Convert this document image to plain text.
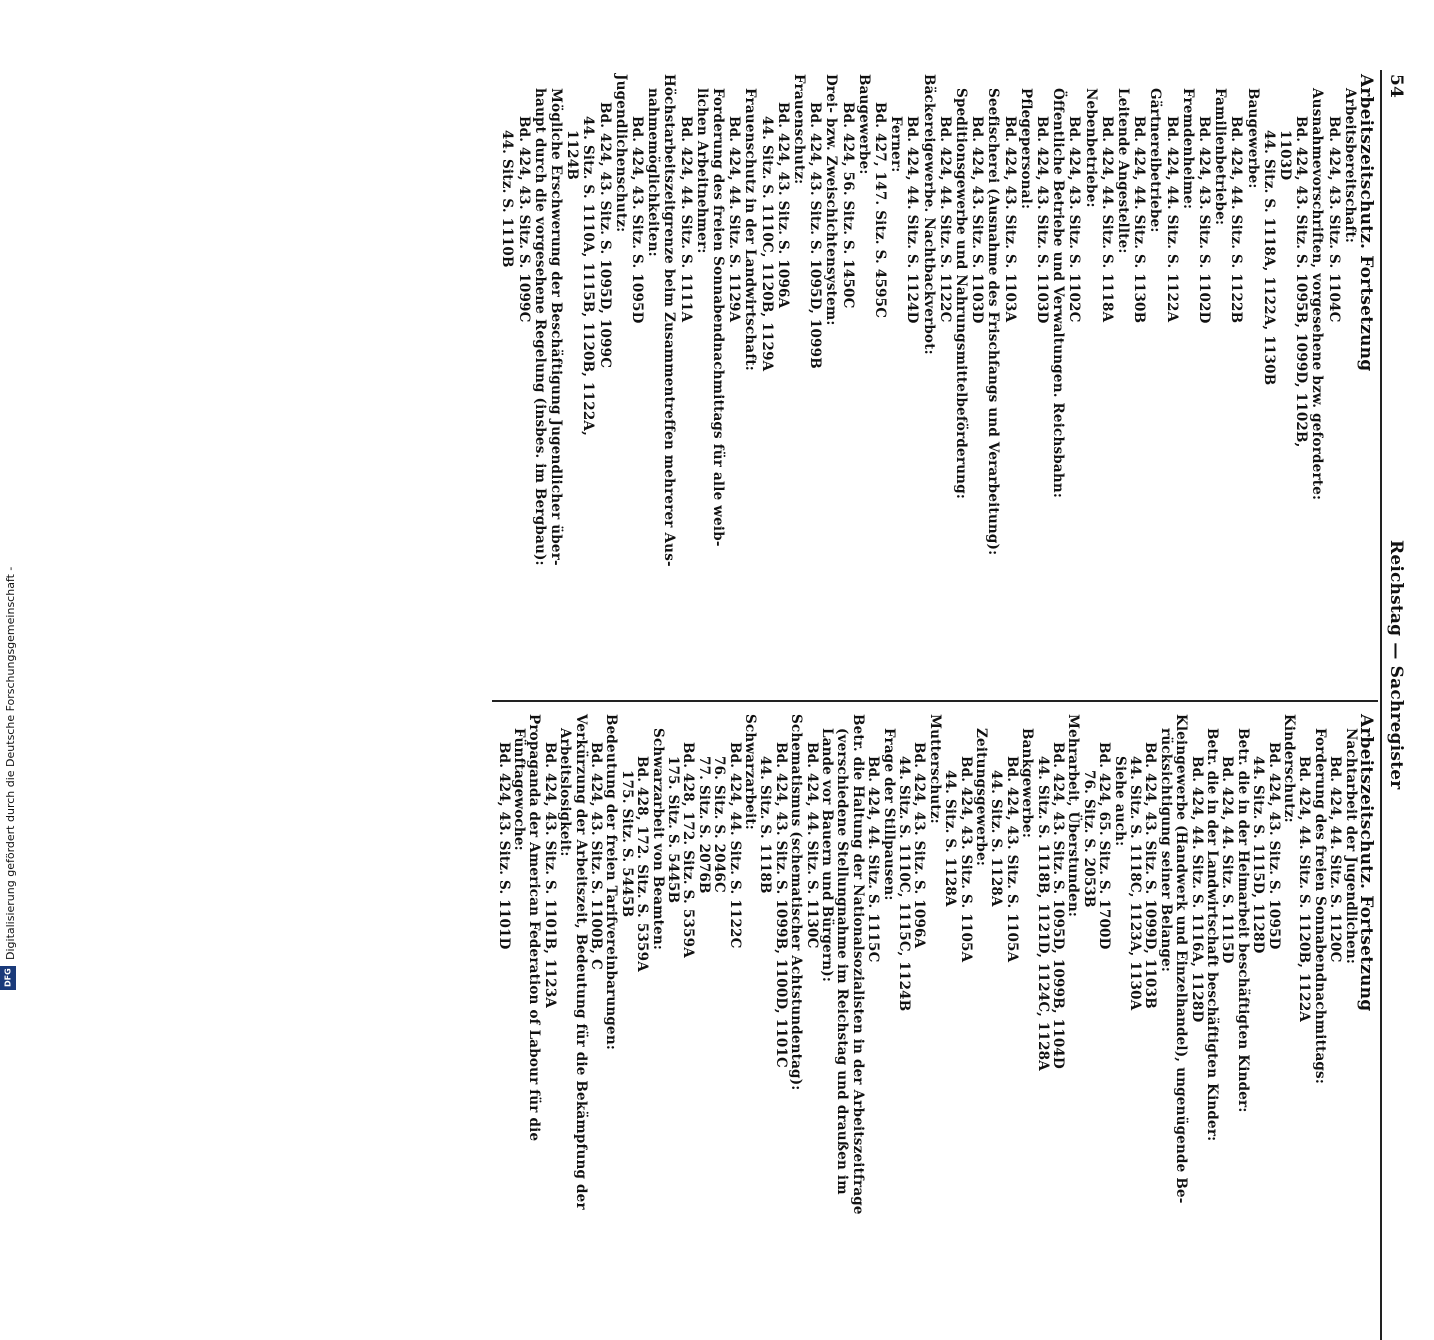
54
Reichstag — Sachregister
Arbeitszeitschutz. Fortsetzung
Arbeitsbereitschaft:
Bd. 424, 43. Sitz. S. 1104C
Ausnahmevorschriften, vorgesehene bzw. geforderte:
Bd. 424, 43. Sitz. S. 1095B, 1099D, 1102B,
1103D
44. Sitz. S. 1118A, 1122A, 1130B
Baugewerbe:
Bd. 424, 44. Sitz. S. 1122B
Familienbetriebe:
Bd. 424, 43. Sitz. S. 1102D
Fremdenheime:
Bd. 424, 44. Sitz. S. 1122A
Gärtnereibetriebe:
Bd. 424, 44. Sitz. S. 1130B
Leitende Angestellte:
Bd. 424, 44. Sitz. S. 1118A
Nebenbetriebe:
Bd. 424, 43. Sitz. S. 1102C
Öffentliche Betriebe und Verwaltungen. Reichsbahn:
Bd. 424, 43. Sitz. S. 1103D
Pflegepersonal:
Bd. 424, 43. Sitz. S. 1103A
Seefischerei (Ausnahme des Frischfangs und Verarbeitung):
Bd. 424, 43. Sitz. S. 1103D
Speditionsgewerbe und Nahrungsmittelbeförderung:
Bd. 424, 44. Sitz. S. 1122C
Bäckereigewerbe. Nachtbackverbot:
Bd. 424, 44. Sitz. S. 1124D
Ferner:
Bd. 427, 147. Sitz. S. 4595C
Baugewerbe:
Bd. 424, 56. Sitz. S. 1450C
Drei- bzw. Zweischichtensystem:
Bd. 424, 43. Sitz. S. 1095D, 1099B
Frauenschutz:
Bd. 424, 43. Sitz. S. 1096A
44. Sitz. S. 1110C, 1120B, 1129A
Frauenschutz in der Landwirtschaft:
Bd. 424, 44. Sitz. S. 1129A
Forderung des freien Sonnabendnachmittags für alle weib-
lichen Arbeitnehmer:
Bd. 424, 44. Sitz. S. 1111A
Höchstarbeitszeitgrenze beim Zusammentreffen mehrerer Aus-
nahmemöglichkeiten:
Bd. 424, 43. Sitz. S. 1095D
Jugendlichenschutz:
Bd. 424, 43. Sitz. S. 1095D, 1099C
44. Sitz. S. 1110A, 1115B, 1120B, 1122A,
1124B
Mögliche Erschwerung der Beschäftigung Jugendlicher über-
haupt durch die vorgesehene Regelung (insbes. im Bergbau):
Bd. 424, 43. Sitz. S. 1099C
44. Sitz. S. 1110B
Arbeitszeitschutz. Fortsetzung
Nachtarbeit der Jugendlichen:
Bd. 424, 44. Sitz. S. 1120C
Forderung des freien Sonnabendnachmittags:
Bd. 424, 44. Sitz. S. 1120B, 1122A
Kinderschutz:
Bd. 424, 43. Sitz. S. 1095D
44. Sitz. S. 1115D, 1128D
Betr. die in der Heimarbeit beschäftigten Kinder:
Bd. 424, 44. Sitz. S. 1115D
Betr. die in der Landwirtschaft beschäftigten Kinder:
Bd. 424, 44. Sitz. S. 1116A, 1128D
Kleingewerbe (Handwerk und Einzelhandel), ungenügende Be-
rücksichtigung seiner Belange:
Bd. 424, 43. Sitz. S. 1099D, 1103B
44. Sitz. S. 1118C, 1123A, 1130A
Siehe auch:
Bd. 424, 65. Sitz. S. 1700D
76. Sitz. S. 2053B
Mehrarbeit, Überstunden:
Bd. 424, 43. Sitz. S. 1095D, 1099B, 1104D
44. Sitz. S. 1118B, 1121D, 1124C, 1128A
Bankgewerbe:
Bd. 424, 43. Sitz. S. 1105A
44. Sitz. S. 1128A
Zeitungsgewerbe:
Bd. 424, 43. Sitz. S. 1105A
44. Sitz. S. 1128A
Mutterschutz:
Bd. 424, 43. Sitz. S. 1096A
44. Sitz. S. 1110C, 1115C, 1124B
Frage der Stillpausen:
Bd. 424, 44. Sitz. S. 1115C
Betr. die Haltung der Nationalsozialisten in der Arbeitszeitfrage
(verschiedene Stellungnahme im Reichstag und draußen im
Lande vor Bauern und Bürgern):
Bd. 424, 44. Sitz. S. 1130C
Schematismus (schematischer Achtstundentag):
Bd. 424, 43. Sitz. S. 1099B, 1100D, 1101C
44. Sitz. S. 1118B
Schwarzarbeit:
Bd. 424, 44. Sitz. S. 1122C
76. Sitz. S. 2046C
77. Sitz. S. 2076B
Bd. 428, 172. Sitz. S. 5359A
175. Sitz. S. 5445B
Schwarzarbeit von Beamten:
Bd. 428, 172. Sitz. S. 5359A
175. Sitz. S. 5445B
Bedeutung der freien Tarifvereinbarungen:
Bd. 424, 43. Sitz. S. 1100B, C
Verkürzung der Arbeitszeit, Bedeutung für die Bekämpfung der
Arbeitslosigkeit:
Bd. 424, 43. Sitz. S. 1101B, 1123A
Propaganda der American Federation of Labour für die
Fünftagewoche:
Bd. 424, 43. Sitz. S. 1101D
Digitalisierung gefördert durch die Deutsche Forschungsgemeinschaft -
DFG
